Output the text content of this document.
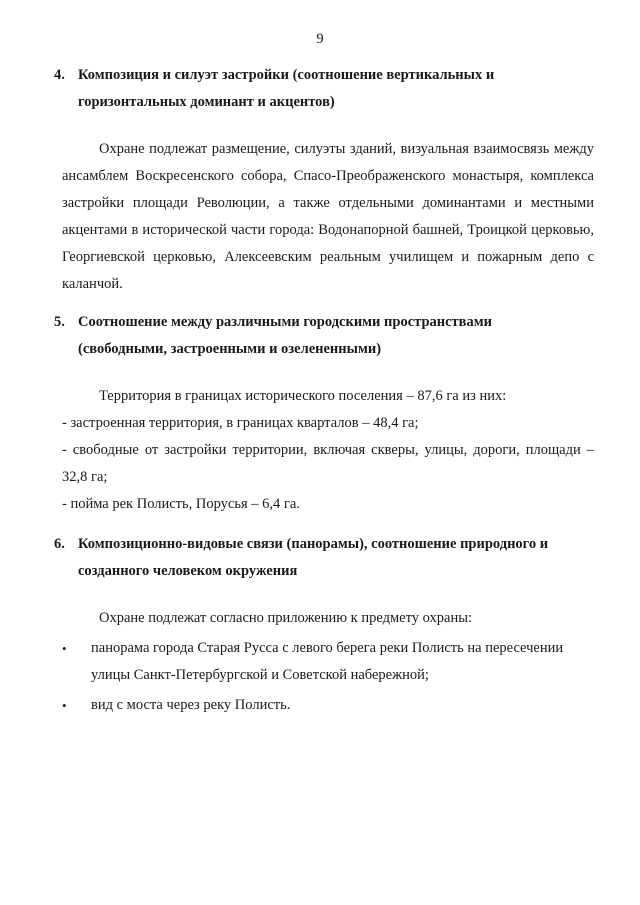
9

4. Композиция и силуэт застройки (соотношение вертикальных и горизонтальных доминант и акцентов)

Охране подлежат размещение, силуэты зданий, визуальная взаимосвязь между ансамблем Воскресенского собора, Спасо-Преображенского монастыря, комплекса застройки площади Революции, а также отдельными доминантами и местными акцентами в исторической части города: Водонапорной башней, Троицкой церковью, Георгиевской церковью, Алексеевским реальным училищем и пожарным депо с каланчой.

5. Соотношение между различными городскими пространствами (свободными, застроенными и озелененными)

Территория в границах исторического поселения – 87,6 га из них:

- застроенная территория, в границах кварталов – 48,4 га;

- свободные от застройки территории, включая скверы, улицы, дороги, площади –

32,8 га;

- пойма рек Полисть, Порусья – 6,4 га.

6. Композиционно-видовые связи (панорамы), соотношение природного и созданного человеком окружения

Охране подлежат согласно приложению к предмету охраны:

• панорама города Старая Русса с левого берега реки Полисть на пересечении улицы Санкт-Петербургской и Советской набережной;

• вид с моста через реку Полисть.
